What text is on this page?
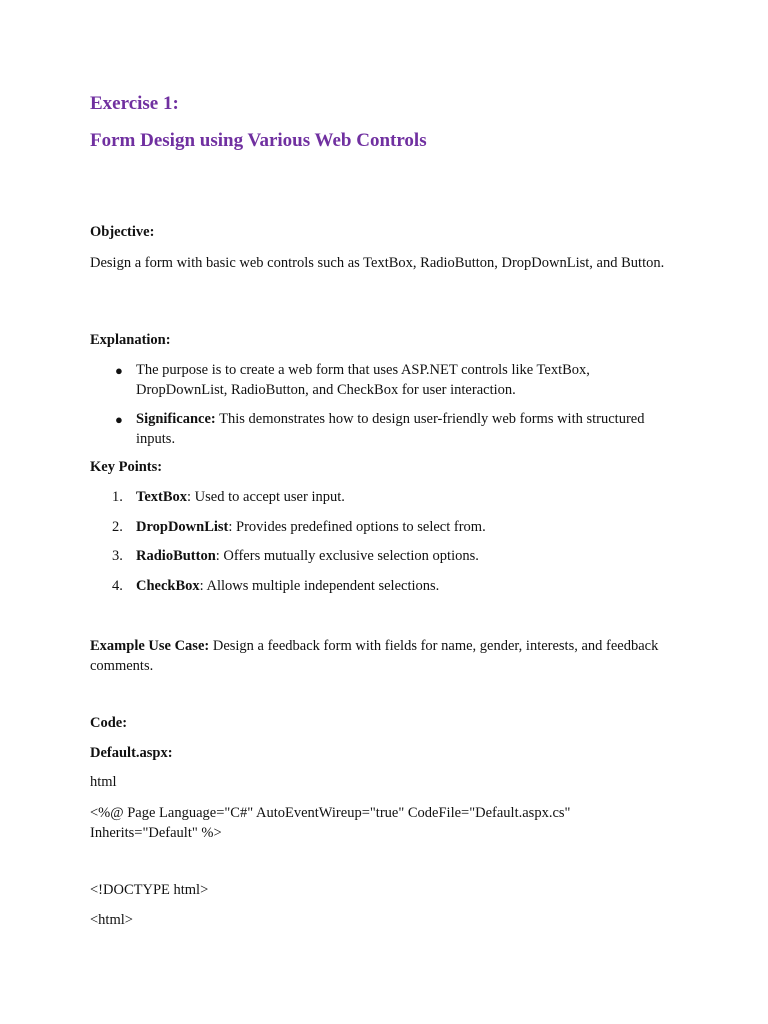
Exercise 1:
Form Design using Various Web Controls
Objective:
Design a form with basic web controls such as TextBox, RadioButton, DropDownList, and Button.
Explanation:
● The purpose is to create a web form that uses ASP.NET controls like TextBox, DropDownList, RadioButton, and CheckBox for user interaction.
● Significance: This demonstrates how to design user-friendly web forms with structured inputs.
Key Points:
1. TextBox: Used to accept user input.
2. DropDownList: Provides predefined options to select from.
3. RadioButton: Offers mutually exclusive selection options.
4. CheckBox: Allows multiple independent selections.
Example Use Case: Design a feedback form with fields for name, gender, interests, and feedback comments.
Code:
Default.aspx:
html
<%@ Page Language="C#" AutoEventWireup="true" CodeFile="Default.aspx.cs" Inherits="Default" %>
<!DOCTYPE html>
<html>
